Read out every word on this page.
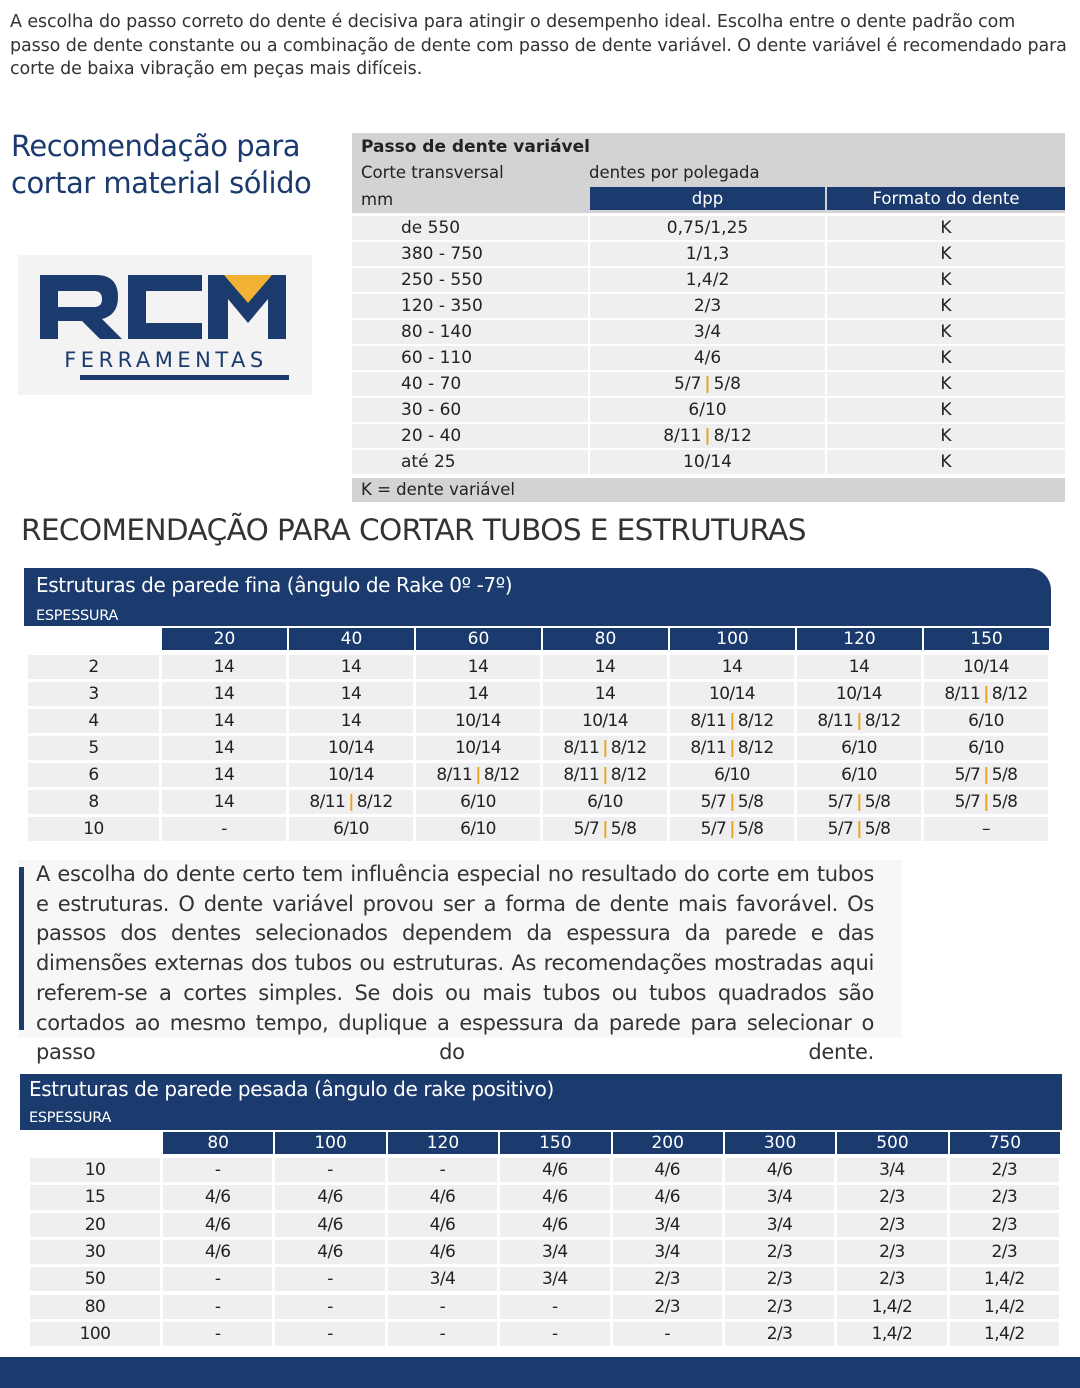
A escolha do passo correto do dente é decisiva para atingir o desempenho ideal. Escolha entre o dente padrão com passo de dente constante ou a combinação de dente com passo de dente variável. O dente variável é recomendado para corte de baixa vibração em peças mais difíceis.
Recomendação para
cortar material sólido
FERRAMENTAS
Passo de dente variável
Corte transversal	dentes por polegada
mm	dpp	Formato do dente
de 550	0,75/1,25	K
380 - 750	1/1,3	K
250 - 550	1,4/2	K
120 - 350	2/3	K
80 - 140	3/4	K
60 - 110	4/6	K
40 - 70	5/7 | 5/8	K
30 - 60	6/10	K
20 - 40	8/11 | 8/12	K
até 25	10/14	K
K = dente variável
RECOMENDAÇÃO PARA CORTAR TUBOS E ESTRUTURAS
Estruturas de parede fina (ângulo de Rake 0º -7º)
ESPESSURA
DA PAREDE MM	20	40	60	80	100	120	150
2	14	14	14	14	14	14	10/14
3	14	14	14	14	10/14	10/14	8/11 | 8/12
4	14	14	10/14	10/14	8/11 | 8/12	8/11 | 8/12	6/10
5	14	10/14	10/14	8/11 | 8/12	8/11 | 8/12	6/10	6/10
6	14	10/14	8/11 | 8/12	8/11 | 8/12	6/10	6/10	5/7 | 5/8
8	14	8/11 | 8/12	6/10	6/10	5/7 | 5/8	5/7 | 5/8	5/7 | 5/8
10	-	6/10	6/10	5/7 | 5/8	5/7 | 5/8	5/7 | 5/8	–
A escolha do dente certo tem influência especial no resultado do corte em tubos e estruturas. O dente variável provou ser a forma de dente mais favorável. Os passos dos dentes selecionados dependem da espessura da parede e das dimensões externas dos tubos ou estruturas. As recomendações mostradas aqui referem-se a cortes simples. Se dois ou mais tubos ou tubos quadrados são cortados ao mesmo tempo, duplique a espessura da parede para selecionar o passo do dente.
Estruturas de parede pesada (ângulo de rake positivo)
ESPESSURA
DA PAREDE MM	80	100	120	150	200	300	500	750
10	-	-	-	4/6	4/6	4/6	3/4	2/3
15	4/6	4/6	4/6	4/6	4/6	3/4	2/3	2/3
20	4/6	4/6	4/6	4/6	3/4	3/4	2/3	2/3
30	4/6	4/6	4/6	3/4	3/4	2/3	2/3	2/3
50	-	-	3/4	3/4	2/3	2/3	2/3	1,4/2
80	-	-	-	-	2/3	2/3	1,4/2	1,4/2
100	-	-	-	-	-	2/3	1,4/2	1,4/2
